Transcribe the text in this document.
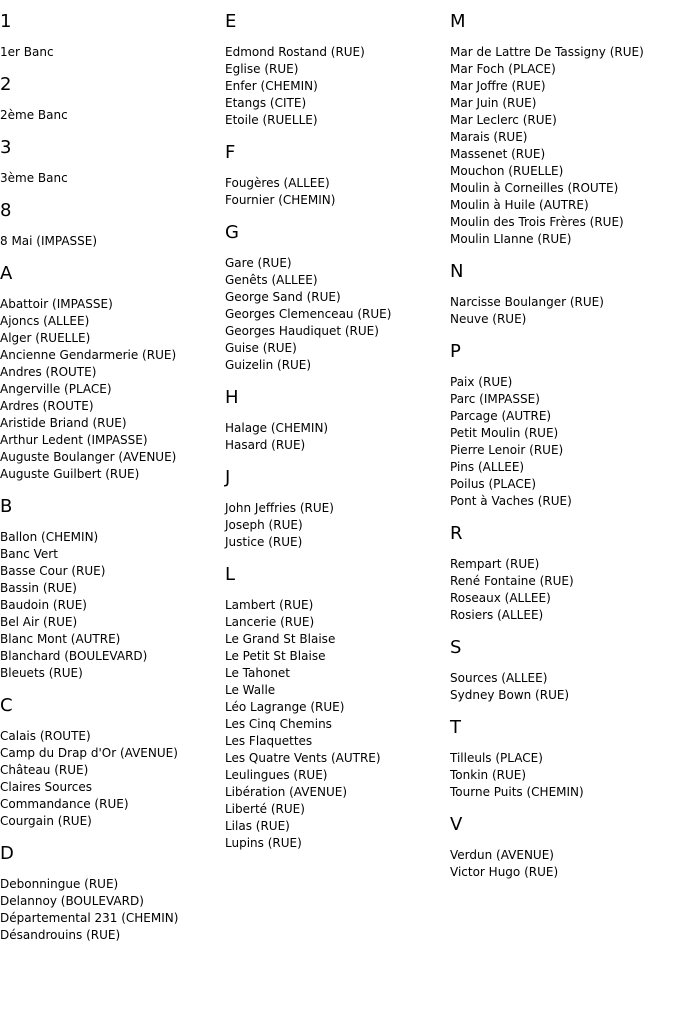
1
1er Banc
2
2ème Banc
3
3ème Banc
8
8 Mai (IMPASSE)
A
Abattoir (IMPASSE)
Ajoncs (ALLEE)
Alger (RUELLE)
Ancienne Gendarmerie (RUE)
Andres (ROUTE)
Angerville (PLACE)
Ardres (ROUTE)
Aristide Briand (RUE)
Arthur Ledent (IMPASSE)
Auguste Boulanger (AVENUE)
Auguste Guilbert (RUE)
B
Ballon (CHEMIN)
Banc Vert
Basse Cour (RUE)
Bassin (RUE)
Baudoin (RUE)
Bel Air (RUE)
Blanc Mont (AUTRE)
Blanchard (BOULEVARD)
Bleuets (RUE)
C
Calais (ROUTE)
Camp du Drap d'Or (AVENUE)
Château (RUE)
Claires Sources
Commandance (RUE)
Courgain (RUE)
D
Debonningue (RUE)
Delannoy (BOULEVARD)
Départemental 231 (CHEMIN)
Désandrouins (RUE)
E
Edmond Rostand (RUE)
Eglise (RUE)
Enfer (CHEMIN)
Etangs (CITE)
Etoile (RUELLE)
F
Fougères (ALLEE)
Fournier (CHEMIN)
G
Gare (RUE)
Genêts (ALLEE)
George Sand (RUE)
Georges Clemenceau (RUE)
Georges Haudiquet (RUE)
Guise (RUE)
Guizelin (RUE)
H
Halage (CHEMIN)
Hasard (RUE)
J
John Jeffries (RUE)
Joseph (RUE)
Justice (RUE)
L
Lambert (RUE)
Lancerie (RUE)
Le Grand St Blaise
Le Petit St Blaise
Le Tahonet
Le Walle
Léo Lagrange (RUE)
Les Cinq Chemins
Les Flaquettes
Les Quatre Vents (AUTRE)
Leulingues (RUE)
Libération (AVENUE)
Liberté (RUE)
Lilas (RUE)
Lupins (RUE)
M
Mar de Lattre De Tassigny (RUE)
Mar Foch (PLACE)
Mar Joffre (RUE)
Mar Juin (RUE)
Mar Leclerc (RUE)
Marais (RUE)
Massenet (RUE)
Mouchon (RUELLE)
Moulin à Corneilles (ROUTE)
Moulin à Huile (AUTRE)
Moulin des Trois Frères (RUE)
Moulin LIanne (RUE)
N
Narcisse Boulanger (RUE)
Neuve (RUE)
P
Paix (RUE)
Parc (IMPASSE)
Parcage (AUTRE)
Petit Moulin (RUE)
Pierre Lenoir (RUE)
Pins (ALLEE)
Poilus (PLACE)
Pont à Vaches (RUE)
R
Rempart (RUE)
René Fontaine (RUE)
Roseaux (ALLEE)
Rosiers (ALLEE)
S
Sources (ALLEE)
Sydney Bown (RUE)
T
Tilleuls (PLACE)
Tonkin (RUE)
Tourne Puits (CHEMIN)
V
Verdun (AVENUE)
Victor Hugo (RUE)
